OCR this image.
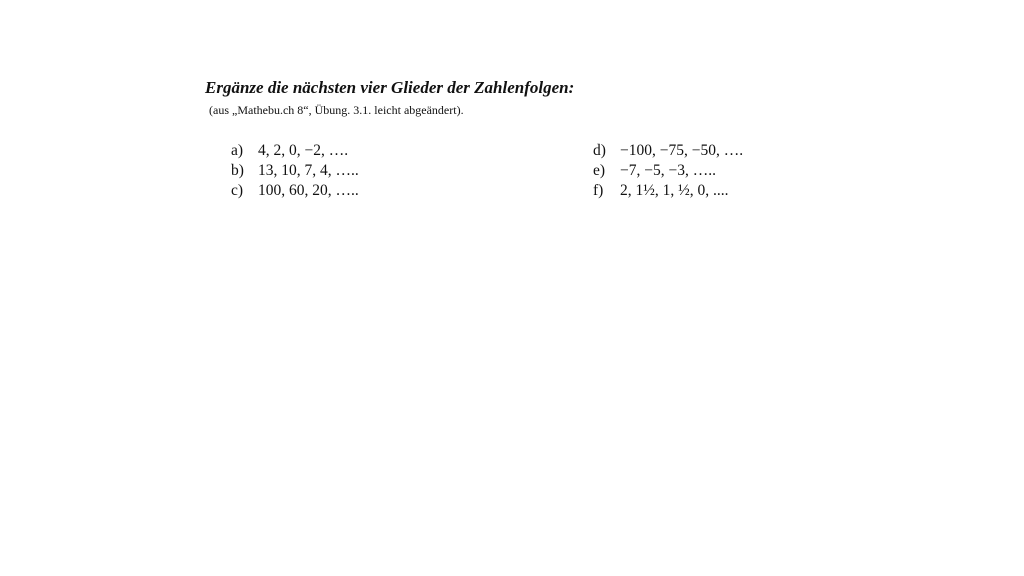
Ergänze die nächsten vier Glieder der Zahlenfolgen:
(aus „Mathebu.ch 8“, Übung. 3.1. leicht abgeändert).
a) 4, 2, 0, −2, ….
b) 13, 10, 7, 4, …..
c) 100, 60, 20, …..
d) −100, −75, −50, ….
e) −7, −5, −3, …..
f) 2, 1½, 1, ½, 0, ....
